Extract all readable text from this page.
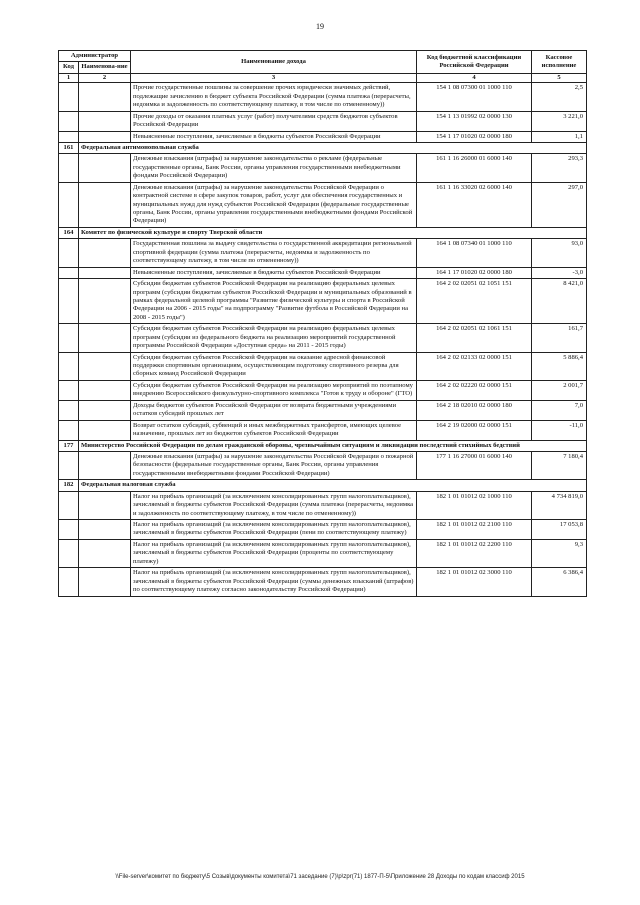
19
Администратор		Наименование дохода	Код бюджетной классификации Российской Федерации	Кассовое исполнение
Код	Наименова-ние			
1	2	3	4	5
		Прочие государственные пошлины за совершение прочих юридически значимых действий, подлежащие зачислению в бюджет субъекта Российской Федерации (сумма платежа (перерасчеты, недоимка и задолженность по соответствующему платежу, в том числе по отмененному))	154 1 08 07300 01 1000 110	2,5
		Прочие доходы от оказания платных услуг (работ) получателями средств бюджетов субъектов Российской Федерации	154 1 13 01992 02 0000 130	3 221,0
		Невыясненные поступления, зачисляемые в бюджеты субъектов Российской Федерации	154 1 17 01020 02 0000 180	1,1
161	Федеральная антимонопольная служба			
		Денежные взыскания (штрафы) за нарушение законодательства о рекламе (федеральные государственные органы, Банк России, органы управления государственными внебюджетными фондами Российской Федерации)	161 1 16 26000 01 6000 140	293,3
		Денежные взыскания (штрафы) за нарушение законодательства Российской Федерации о контрактной системе в сфере закупок товаров, работ, услуг для обеспечения государственных и муниципальных нужд для нужд субъектов Российской Федерации (федеральные государственные органы, Банк России, органы управления государственными внебюджетными фондами Российской Федерации)	161 1 16 33020 02 6000 140	297,0
164	Комитет по физической культуре и спорту Тверской области			
		Государственная пошлина за выдачу свидетельства о государственной аккредитации региональной спортивной федерации (сумма платежа (перерасчеты, недоимка и задолженность по соответствующему платежу, в том числе по отмененному))	164 1 08 07340 01 1000 110	93,0
		Невыясненные поступления, зачисляемые в бюджеты субъектов Российской Федерации	164 1 17 01020 02 0000 180	-3,0
		Субсидии бюджетам субъектов Российской Федерации на реализацию федеральных целевых программ (субсидии бюджетам субъектов Российской Федерации и муниципальных образований в рамках федеральной целевой программы "Развитие физической культуры и спорта в Российской Федерации на 2006 - 2015 годы" на подпрограмму "Развитие футбола в Российской Федерации на 2008 - 2015 годы")	164 2 02 02051 02 1051 151	8 421,0
		Субсидии бюджетам субъектов Российской Федерации на реализацию федеральных целевых программ (субсидии из федерального бюджета на реализацию мероприятий государственной программы Российской Федерации «Доступная среда» на 2011 - 2015 годы)	164 2 02 02051 02 1061 151	161,7
		Субсидии бюджетам субъектов Российской Федерации на оказание адресной финансовой поддержки спортивным организациям, осуществляющим подготовку спортивного резерва для сборных команд Российской Федерации	164 2 02 02133 02 0000 151	5 886,4
		Субсидии бюджетам субъектов Российской Федерации на реализацию мероприятий по поэтапному внедрению Всероссийского физкультурно-спортивного комплекса "Готов к труду и обороне" (ГТО)	164 2 02 02220 02 0000 151	2 001,7
		Доходы бюджетов субъектов Российской Федерации от возврата бюджетными учреждениями остатков субсидий прошлых лет	164 2 18 02010 02 0000 180	7,0
		Возврат остатков субсидий, субвенций и иных межбюджетных трансфертов, имеющих целевое назначение, прошлых лет из бюджетов субъектов Российской Федерации	164 2 19 02000 02 0000 151	-11,0
177	Министерство Российской Федерации по делам гражданской обороны, чрезвычайным ситуациям и ликвидации последствий стихийных бедствий			
		Денежные взыскания (штрафы) за нарушение законодательства Российской Федерации о пожарной безопасности (федеральные государственные органы, Банк России, органы управления государственными внебюджетными фондами Российской Федерации)	177 1 16 27000 01 6000 140	7 180,4
182	Федеральная налоговая служба			
		Налог на прибыль организаций (за исключением консолидированных групп налогоплательщиков), зачисляемый в бюджеты субъектов Российской Федерации (сумма платежа (перерасчеты, недоимка и задолженность по соответствующему платежу, в том числе по отмененному))	182 1 01 01012 02 1000 110	4 734 819,0
		Налог на прибыль организаций (за исключением консолидированных групп налогоплательщиков), зачисляемый в бюджеты субъектов Российской Федерации (пени по соответствующему платежу)	182 1 01 01012 02 2100 110	17 053,8
		Налог на прибыль организаций (за исключением консолидированных групп налогоплательщиков), зачисляемый в бюджеты субъектов Российской Федерации (проценты по соответствующему платежу)	182 1 01 01012 02 2200 110	9,3
		Налог на прибыль организаций (за исключением консолидированных групп налогоплательщиков), зачисляемый в бюджеты субъектов Российской Федерации (суммы денежных взысканий (штрафов) по соответствующему платежу согласно законодательству Российской Федерации)	182 1 01 01012 02 3000 110	6 386,4
\\File-server\комитет по бюджету\5 Созыв\документы комитета\71 заседание (7)\p\zpr(71) 1877-П-5\Приложение 28 Доходы по кодам классиф 2015
